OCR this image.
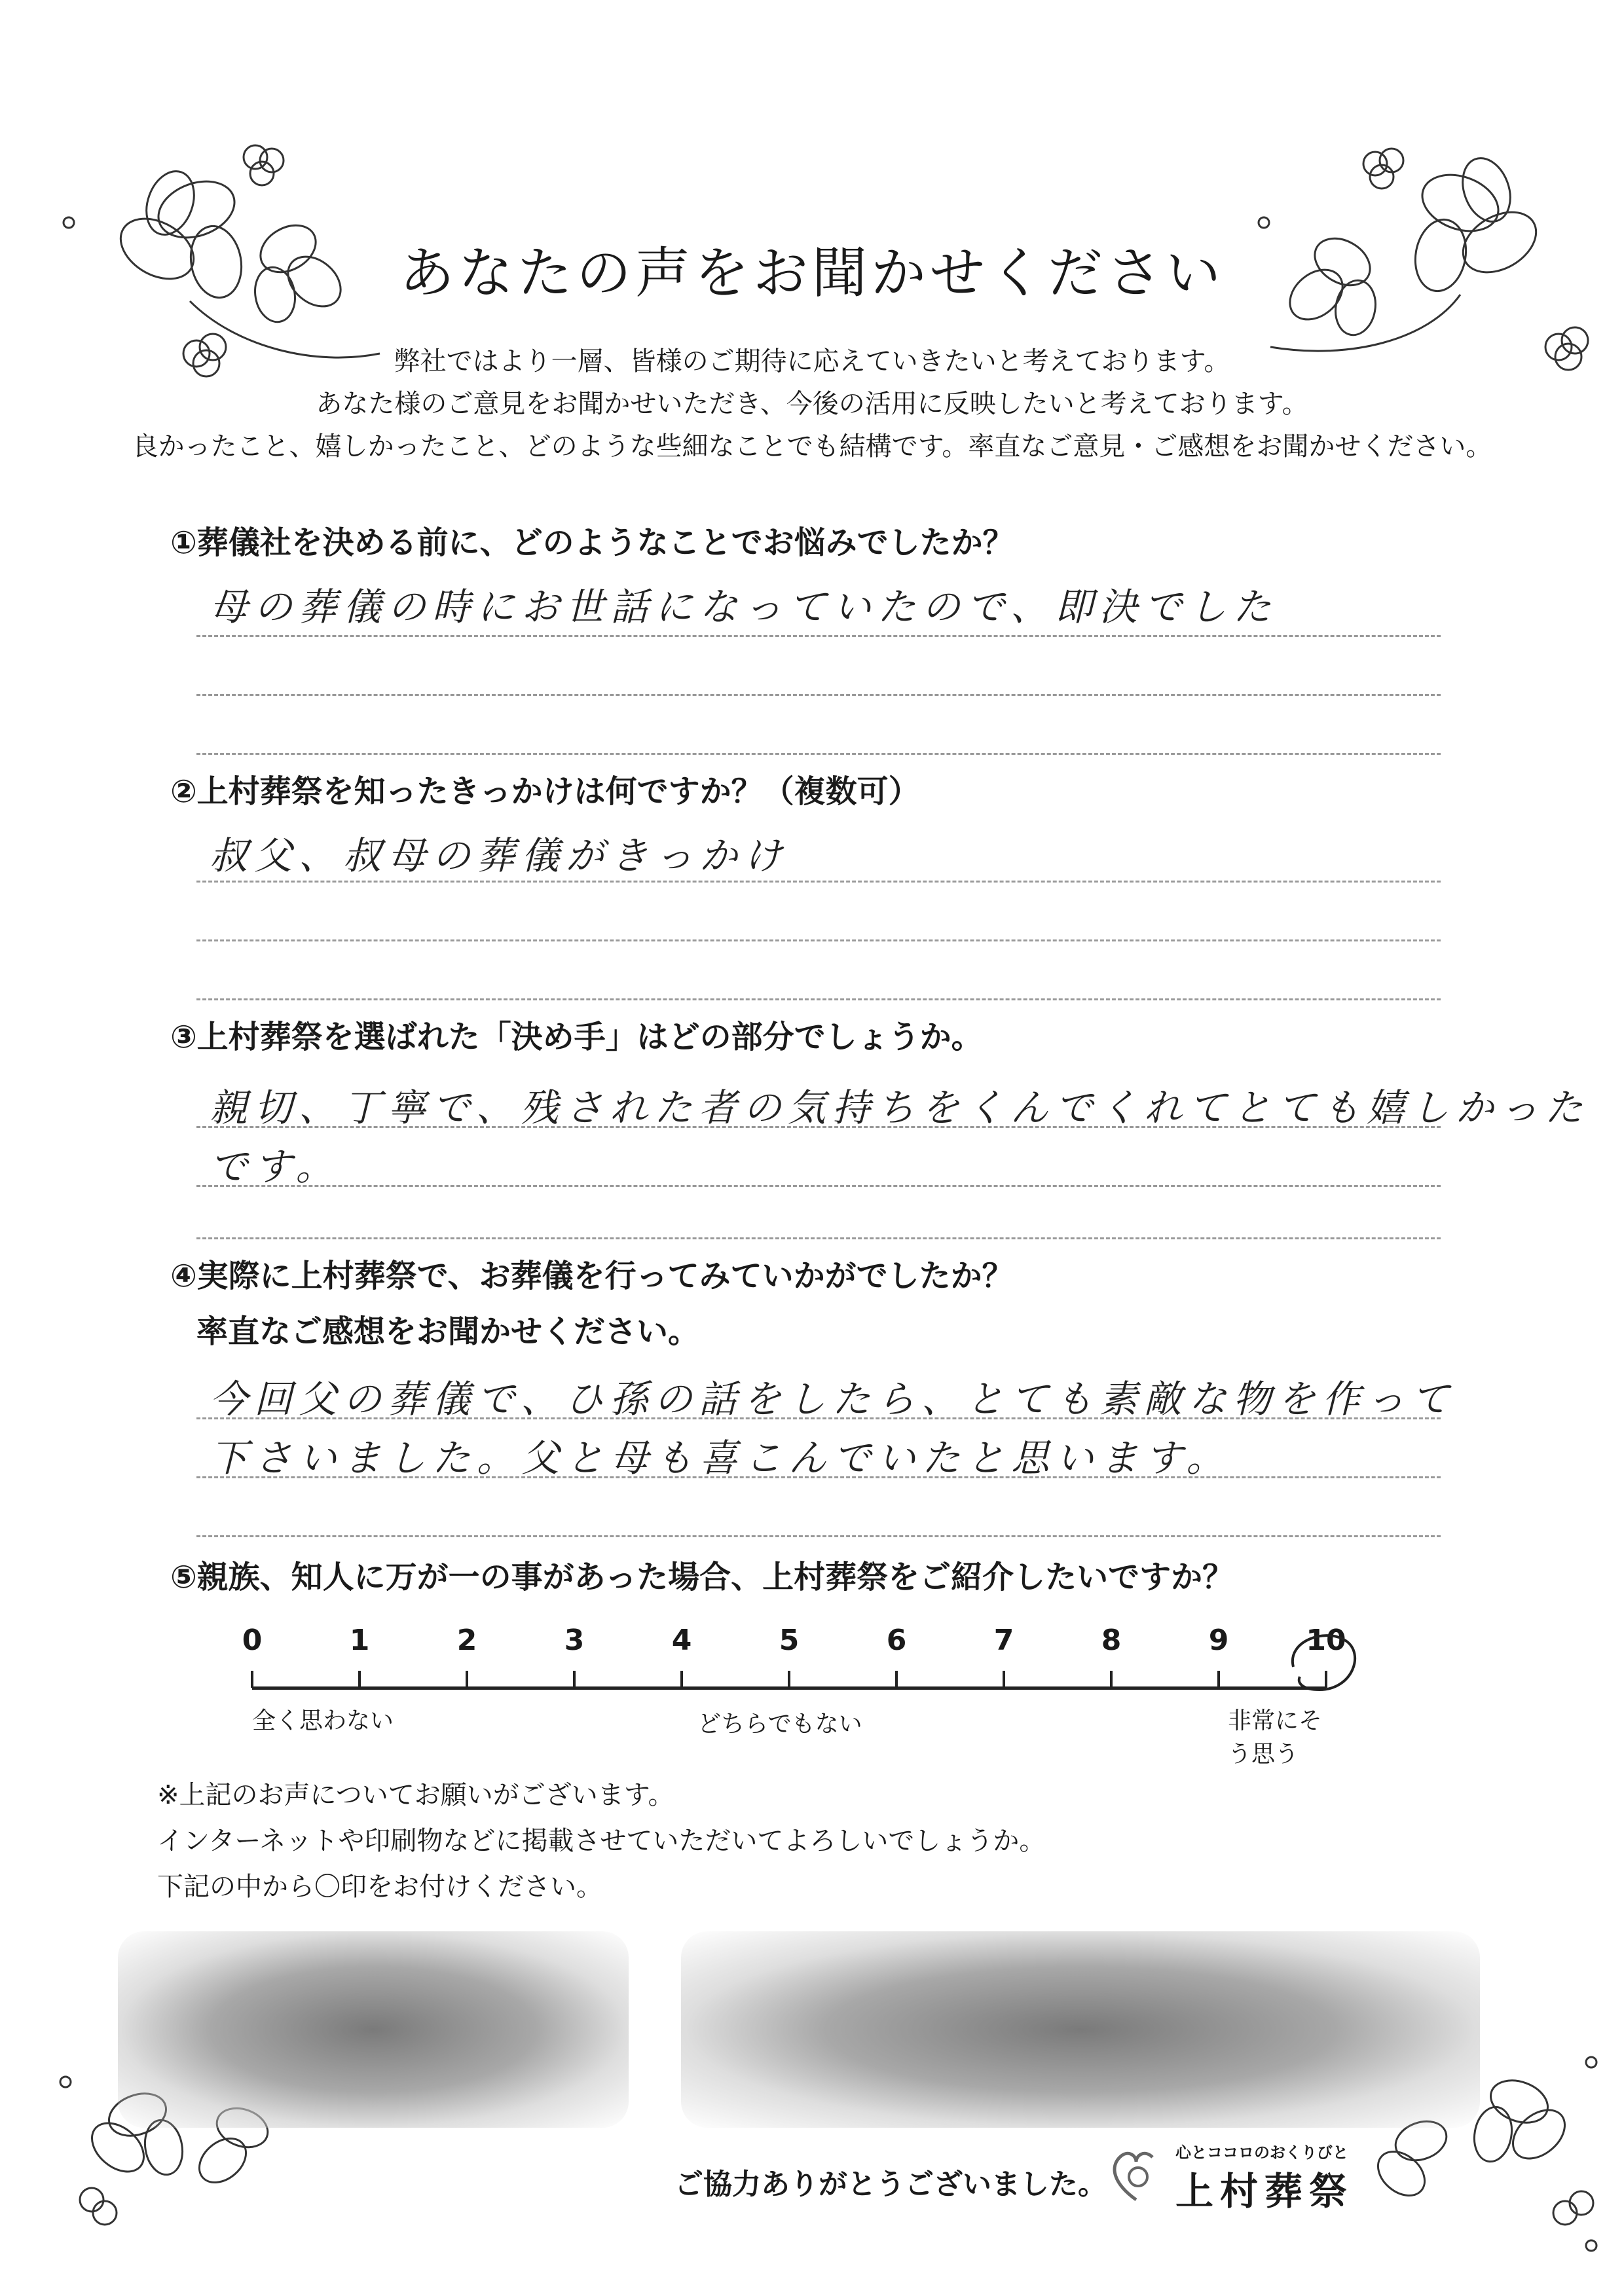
あなたの声をお聞かせください
弊社ではより一層、皆様のご期待に応えていきたいと考えております。
あなた様のご意見をお聞かせいただき、今後の活用に反映したいと考えております。
良かったこと、嬉しかったこと、どのような些細なことでも結構です。率直なご意見・ご感想をお聞かせください。
①葬儀社を決める前に、どのようなことでお悩みでしたか？
母の葬儀の時にお世話になっていたので、即決でした
②上村葬祭を知ったきっかけは何ですか？（複数可）
叔父、叔母の葬儀がきっかけ
③上村葬祭を選ばれた「決め手」はどの部分でしょうか。
親切、丁寧で、残された者の気持ちをくんでくれてとても嬉しかった
です。
④実際に上村葬祭で、お葬儀を行ってみていかがでしたか？
率直なご感想をお聞かせください。
今回父の葬儀で、ひ孫の話をしたら、とても素敵な物を作って
下さいました。父と母も喜こんでいたと思います。
⑤親族、知人に万が一の事があった場合、上村葬祭をご紹介したいですか？
0	1	2	3	4	5	6	7	8	9	10
全く思わない	どちらでもない	非常にそう思う
※上記のお声についてお願いがございます。
インターネットや印刷物などに掲載させていただいてよろしいでしょうか。
下記の中から〇印をお付けください。
ご協力ありがとうございました。
心とココロのおくりびと
上村葬祭
